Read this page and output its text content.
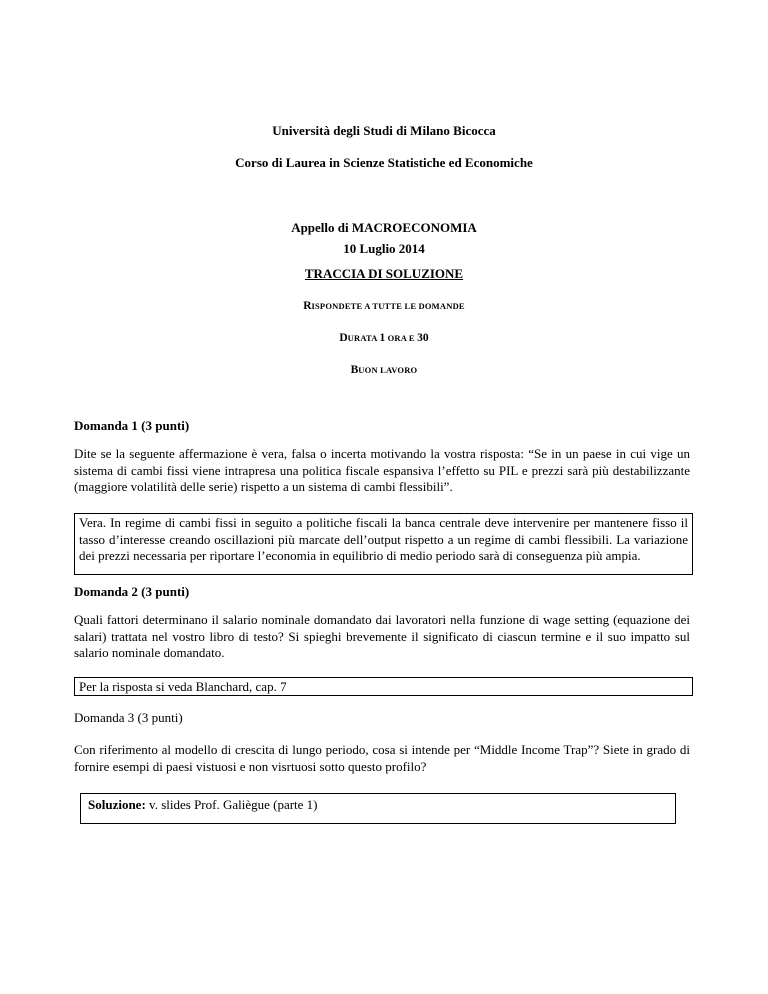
Università degli Studi di Milano Bicocca
Corso di Laurea in Scienze Statistiche ed Economiche
Appello di MACROECONOMIA
10 Luglio 2014
TRACCIA DI SOLUZIONE
RISPONDETE A TUTTE LE DOMANDE
DURATA 1 ORA E 30
BUON LAVORO
Domanda 1 (3 punti)
Dite se la seguente affermazione è vera, falsa o incerta motivando la vostra risposta: “Se in un paese in cui vige un sistema di cambi fissi viene intrapresa una politica fiscale espansiva l’effetto su PIL e prezzi sarà più destabilizzante (maggiore volatilità delle serie) rispetto a un sistema di cambi flessibili”.
Vera. In regime di cambi fissi in seguito a politiche fiscali la banca centrale deve intervenire per mantenere fisso il tasso d’interesse creando oscillazioni più marcate dell’output rispetto a un regime di cambi flessibili. La variazione dei prezzi necessaria per riportare l’economia in equilibrio di medio periodo sarà di conseguenza più ampia.
Domanda 2 (3 punti)
Quali fattori determinano il salario nominale domandato dai lavoratori nella funzione di wage setting (equazione dei salari) trattata nel vostro libro di testo? Si spieghi brevemente il significato di ciascun termine e il suo impatto sul salario nominale domandato.
Per la risposta si veda Blanchard, cap. 7
Domanda 3 (3 punti)
Con riferimento al modello di crescita di lungo periodo, cosa si intende per “Middle Income Trap”? Siete in grado di fornire esempi di paesi vistuosi e non visrtuosi sotto questo profilo?
Soluzione: v. slides Prof. Galiègue (parte 1)
